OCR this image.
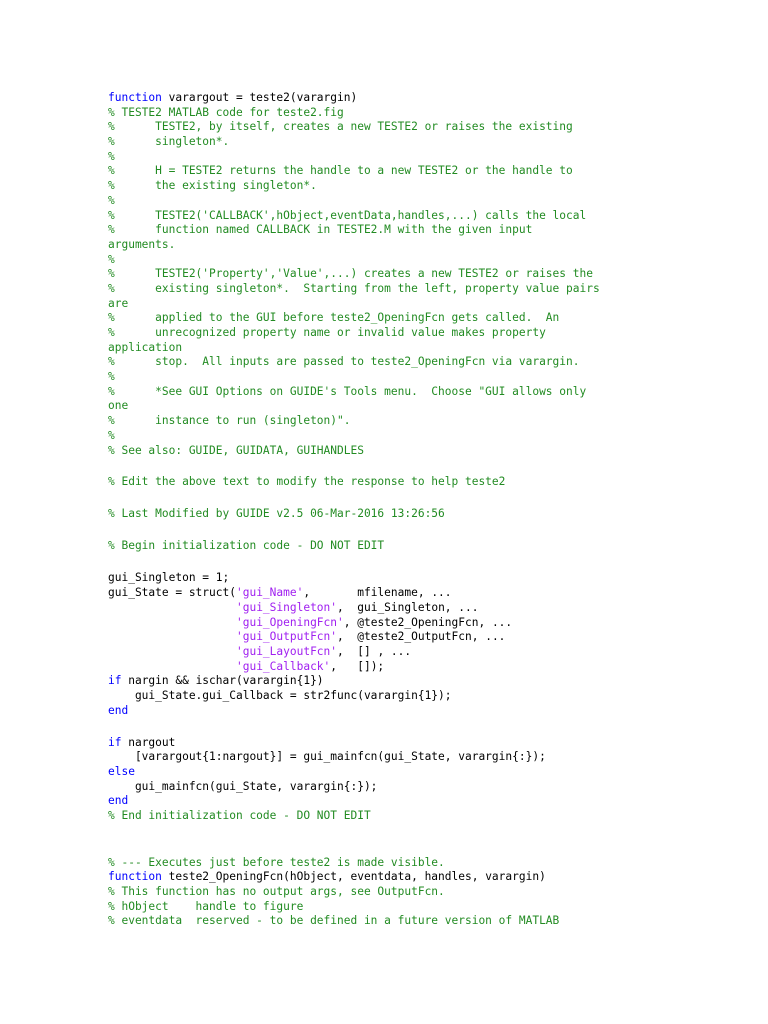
function varargout = teste2(varargin)
% TESTE2 MATLAB code for teste2.fig
%      TESTE2, by itself, creates a new TESTE2 or raises the existing
%      singleton*.
%
%      H = TESTE2 returns the handle to a new TESTE2 or the handle to
%      the existing singleton*.
%
%      TESTE2('CALLBACK',hObject,eventData,handles,...) calls the local
%      function named CALLBACK in TESTE2.M with the given input
arguments.
%
%      TESTE2('Property','Value',...) creates a new TESTE2 or raises the
%      existing singleton*.  Starting from the left, property value pairs
are
%      applied to the GUI before teste2_OpeningFcn gets called.  An
%      unrecognized property name or invalid value makes property
application
%      stop.  All inputs are passed to teste2_OpeningFcn via varargin.
%
%      *See GUI Options on GUIDE's Tools menu.  Choose "GUI allows only
one
%      instance to run (singleton)".
%
% See also: GUIDE, GUIDATA, GUIHANDLES
% Edit the above text to modify the response to help teste2
% Last Modified by GUIDE v2.5 06-Mar-2016 13:26:56
% Begin initialization code - DO NOT EDIT
gui_Singleton = 1;
gui_State = struct('gui_Name',       mfilename, ...
'gui_Singleton',  gui_Singleton, ...
'gui_OpeningFcn', @teste2_OpeningFcn, ...
'gui_OutputFcn',  @teste2_OutputFcn, ...
'gui_LayoutFcn',  [] , ...
'gui_Callback',   []);
if nargin && ischar(varargin{1})
gui_State.gui_Callback = str2func(varargin{1});
end
if nargout
[varargout{1:nargout}] = gui_mainfcn(gui_State, varargin{:});
else
gui_mainfcn(gui_State, varargin{:});
end
% End initialization code - DO NOT EDIT
% --- Executes just before teste2 is made visible.
function teste2_OpeningFcn(hObject, eventdata, handles, varargin)
% This function has no output args, see OutputFcn.
% hObject    handle to figure
% eventdata  reserved - to be defined in a future version of MATLAB
